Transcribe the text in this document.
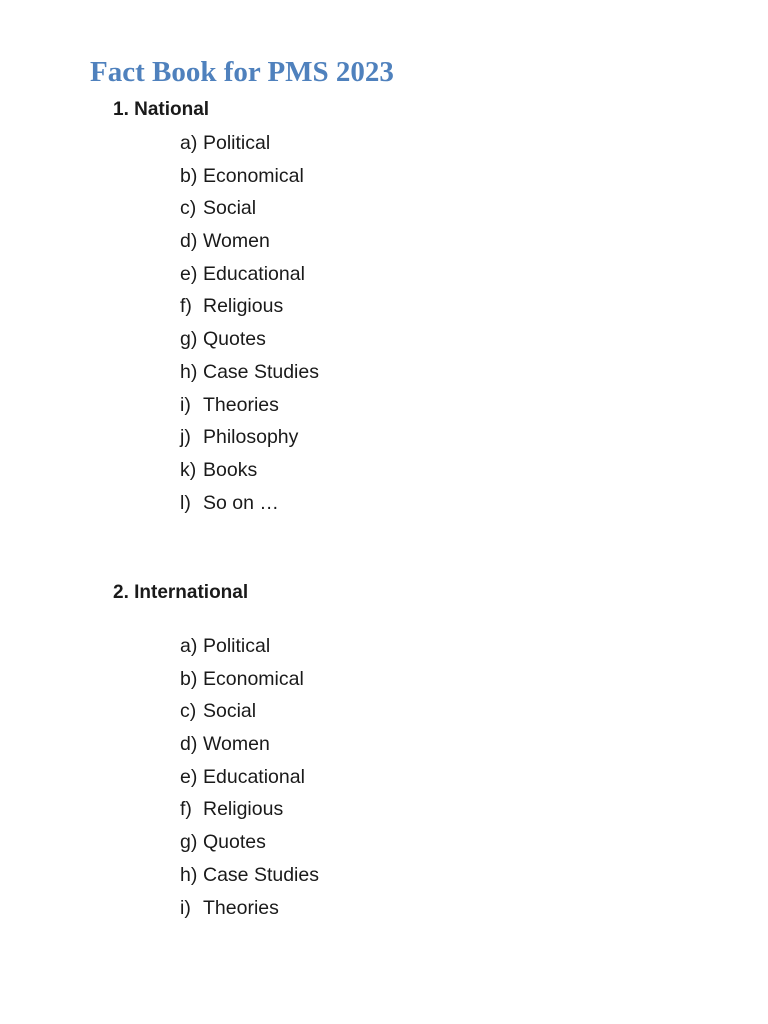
Fact Book for PMS 2023
1. National
a) Political
b) Economical
c) Social
d) Women
e) Educational
f) Religious
g) Quotes
h) Case Studies
i) Theories
j) Philosophy
k) Books
l) So on …
2. International
a) Political
b) Economical
c) Social
d) Women
e) Educational
f) Religious
g) Quotes
h) Case Studies
i) Theories
